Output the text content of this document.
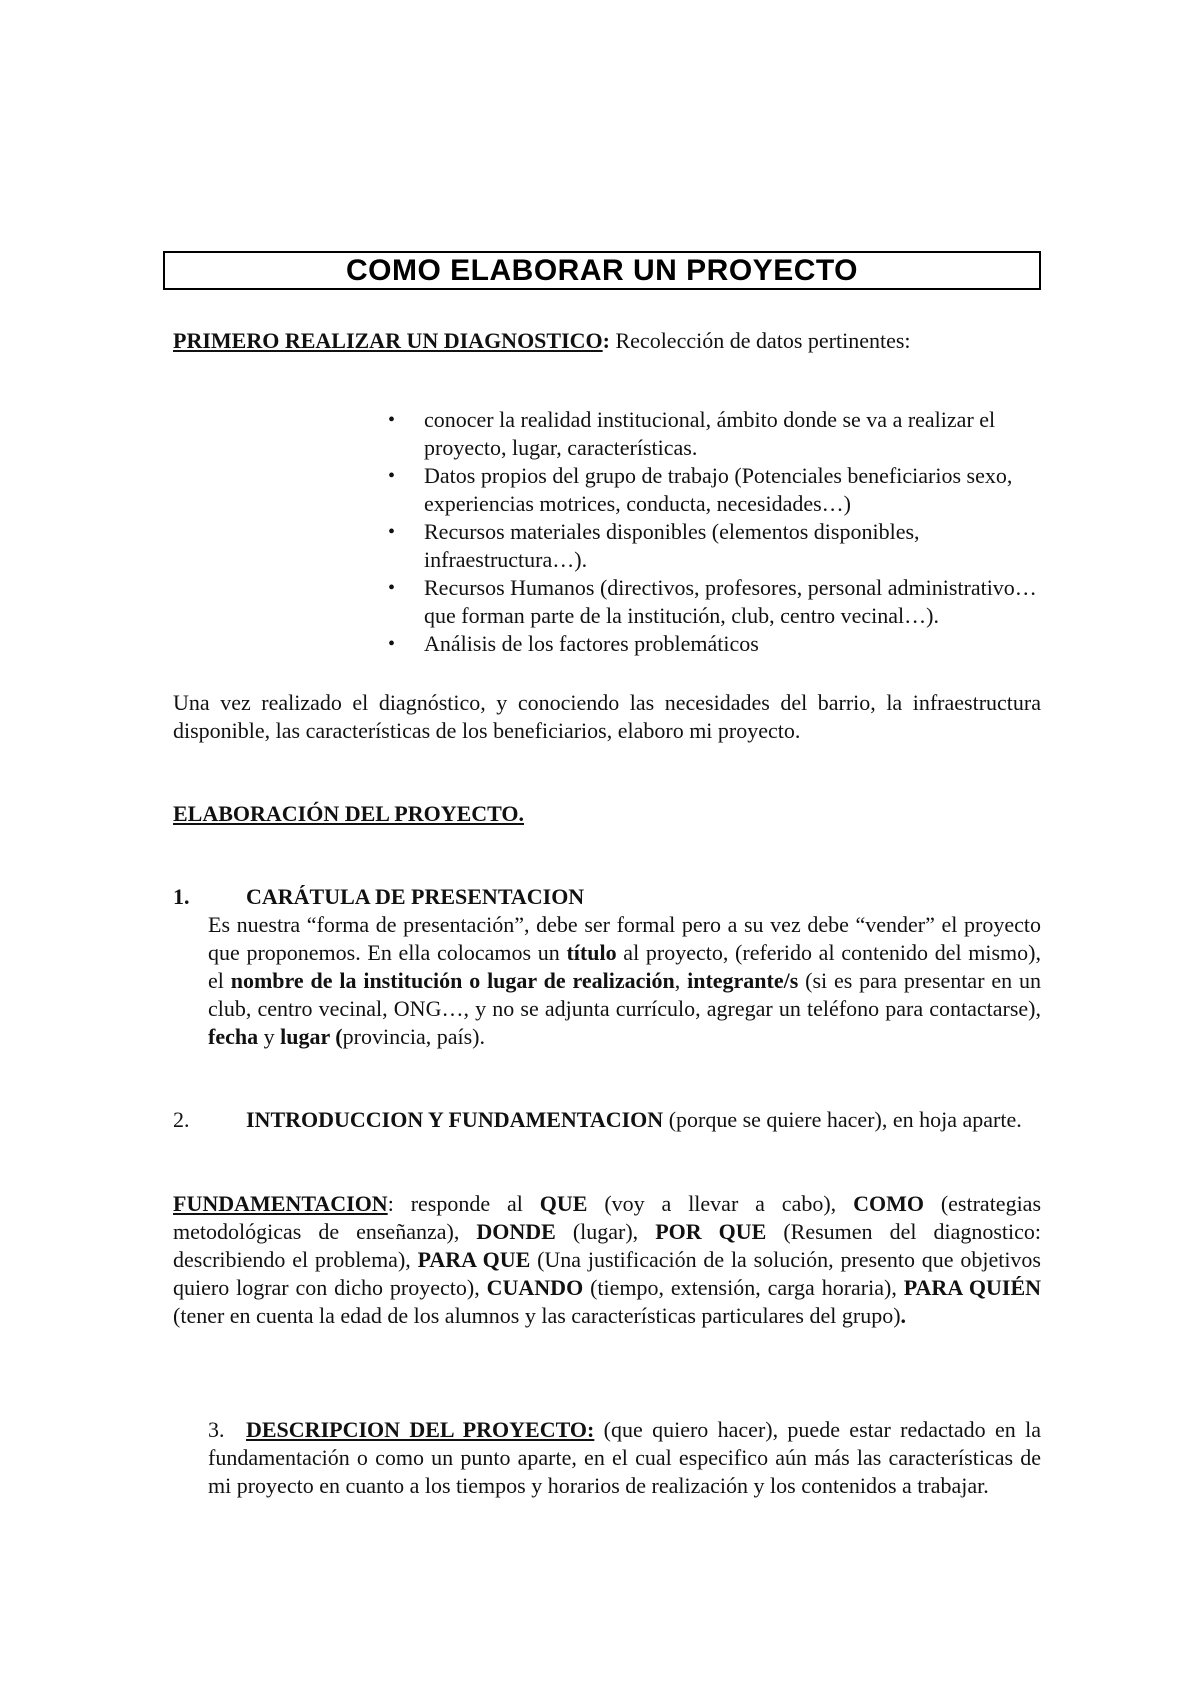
COMO ELABORAR UN PROYECTO
PRIMERO REALIZAR UN DIAGNOSTICO: Recolección de datos pertinentes:
• conocer la realidad institucional, ámbito donde se va a realizar el proyecto, lugar, características.
• Datos propios del grupo de trabajo (Potenciales beneficiarios sexo, experiencias motrices, conducta, necesidades…)
• Recursos materiales disponibles (elementos disponibles, infraestructura…).
• Recursos Humanos (directivos, profesores, personal administrativo… que forman parte de la institución, club, centro vecinal…).
• Análisis de los factores problemáticos
Una vez realizado el diagnóstico, y conociendo las necesidades del barrio, la infraestructura disponible, las características de los beneficiarios, elaboro mi proyecto.
ELABORACIÓN DEL PROYECTO.
1.	CARÁTULA DE PRESENTACION
Es nuestra “forma de presentación”, debe ser formal pero a su vez debe “vender” el proyecto que proponemos. En ella colocamos un título al proyecto, (referido al contenido del mismo), el nombre de la institución o lugar de realización, integrante/s (si es para presentar en un club, centro vecinal, ONG…, y no se adjunta currículo, agregar un teléfono para contactarse), fecha y lugar (provincia, país).
2.	INTRODUCCION Y FUNDAMENTACION (porque se quiere hacer), en hoja aparte.
FUNDAMENTACION: responde al QUE (voy a llevar a cabo), COMO (estrategias metodológicas de enseñanza), DONDE (lugar), POR QUE (Resumen del diagnostico: describiendo el problema), PARA QUE (Una justificación de la solución, presento que objetivos quiero lograr con dicho proyecto), CUANDO (tiempo, extensión, carga horaria), PARA QUIÉN (tener en cuenta la edad de los alumnos y las características particulares del grupo).
3. DESCRIPCION DEL PROYECTO: (que quiero hacer), puede estar redactado en la fundamentación o como un punto aparte, en el cual especifico aún más las características de mi proyecto en cuanto a los tiempos y horarios de realización y los contenidos a trabajar.
